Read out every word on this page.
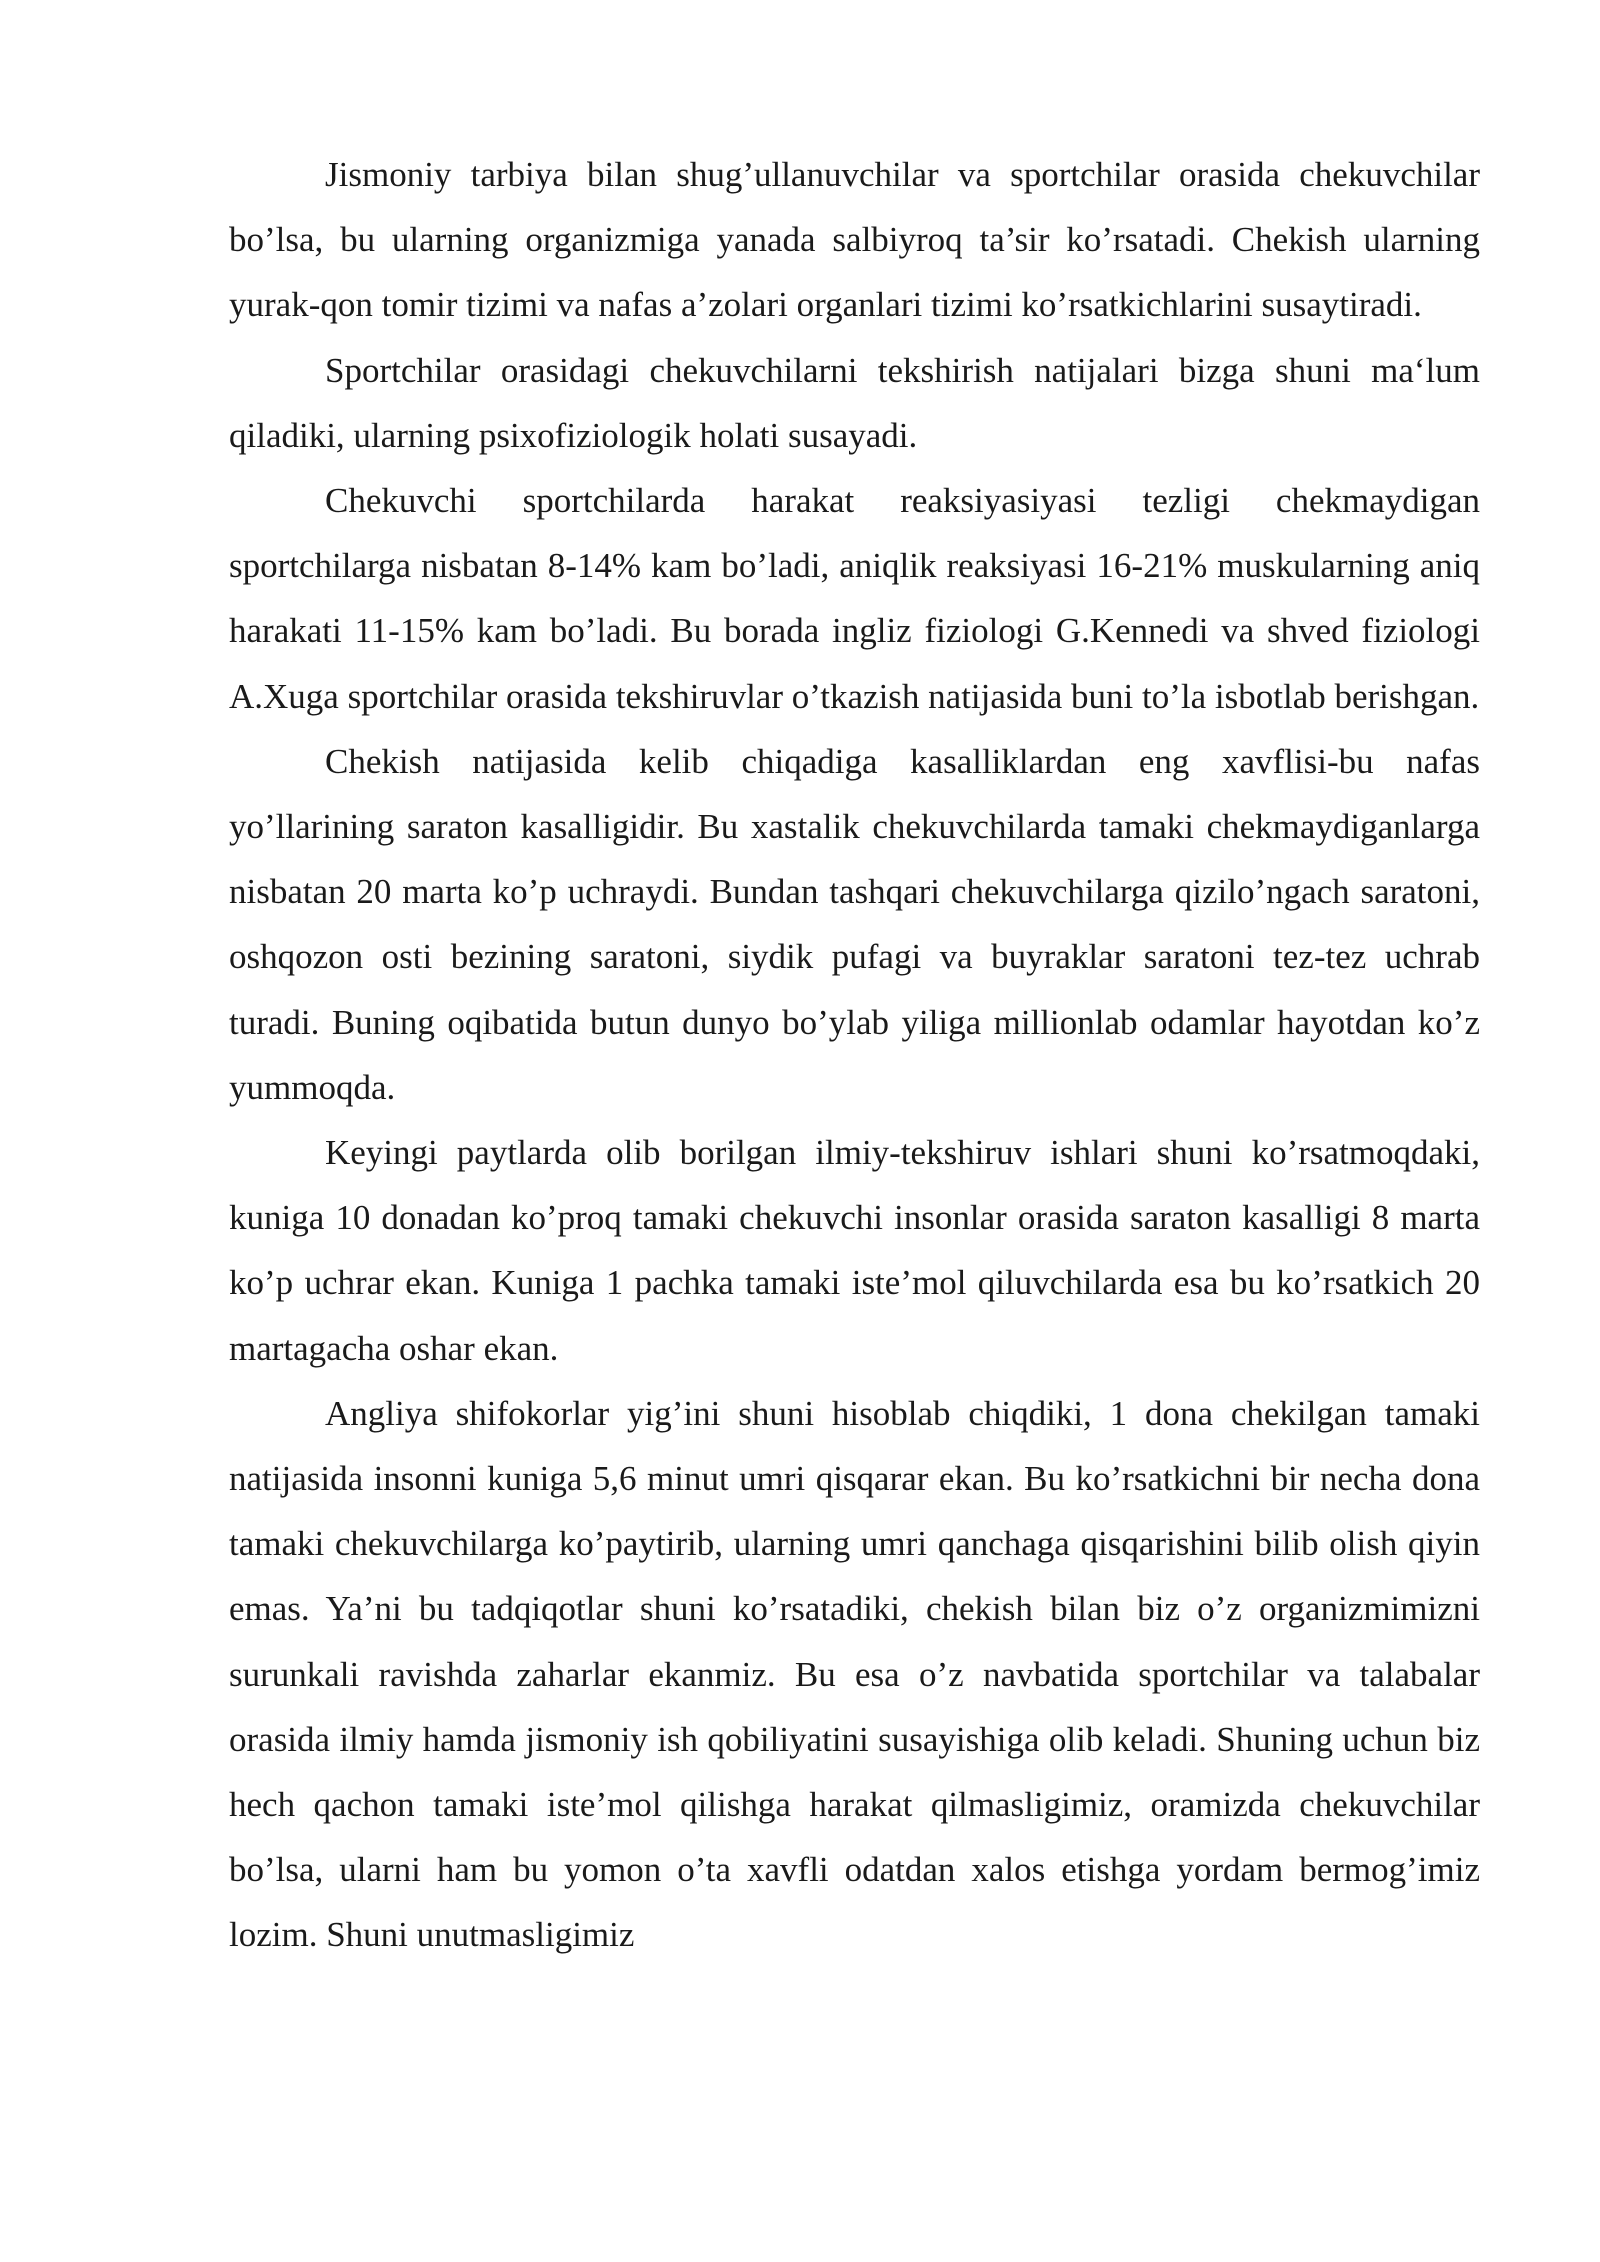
Jismoniy tarbiya bilan shug’ullanuvchilar va sportchilar orasida chekuvchilar bo’lsa, bu ularning organizmiga yanada salbiyroq ta’sir ko’rsatadi. Chekish ularning yurak-qon tomir tizimi va nafas a’zolari organlari tizimi ko’rsatkichlarini susaytiradi.

Sportchilar orasidagi chekuvchilarni tekshirish natijalari bizga shuni ma‘lum qiladiki, ularning psixofiziologik holati susayadi.

Chekuvchi sportchilarda harakat reaksiyasiyasi tezligi chekmaydigan sportchilarga nisbatan 8-14% kam bo’ladi, aniqlik reaksiyasi 16-21% muskularning aniq harakati 11-15% kam bo’ladi. Bu borada ingliz fiziologi G.Kennedi va shved fiziologi A.Xuga sportchilar orasida tekshiruvlar o’tkazish natijasida buni to’la isbotlab berishgan.

Chekish natijasida kelib chiqadiga kasalliklardan eng xavflisi-bu nafas yo’llarining saraton kasalligidir. Bu xastalik chekuvchilarda tamaki chekmaydiganlarga nisbatan 20 marta ko’p uchraydi. Bundan tashqari chekuvchilarga qizilo’ngach saratoni, oshqozon osti bezining saratoni, siydik pufagi va buyraklar saratoni tez-tez uchrab turadi. Buning oqibatida butun dunyo bo’ylab yiliga millionlab odamlar hayotdan ko’z yummoqda.

Keyingi paytlarda olib borilgan ilmiy-tekshiruv ishlari shuni ko’rsatmoqdaki, kuniga 10 donadan ko’proq tamaki chekuvchi insonlar orasida saraton kasalligi 8 marta ko’p uchrar ekan. Kuniga 1 pachka tamaki iste’mol qiluvchilarda esa bu ko’rsatkich 20 martagacha oshar ekan.

Angliya shifokorlar yig’ini shuni hisoblab chiqdiki, 1 dona chekilgan tamaki natijasida insonni kuniga 5,6 minut umri qisqarar ekan. Bu ko’rsatkichni bir necha dona tamaki chekuvchilarga ko’paytirib, ularning umri qanchaga qisqarishini bilib olish qiyin emas. Ya’ni bu tadqiqotlar shuni ko’rsatadiki, chekish bilan biz o’z organizmimizni surunkali ravishda zaharlar ekanmiz. Bu esa o’z navbatida sportchilar va talabalar orasida ilmiy hamda jismoniy ish qobiliyatini susayishiga olib keladi. Shuning uchun biz hech qachon tamaki iste’mol qilishga harakat qilmasligimiz, oramizda chekuvchilar bo’lsa, ularni ham bu yomon o’ta xavfli odatdan xalos etishga yordam bermog’imiz lozim. Shuni unutmasligimiz
